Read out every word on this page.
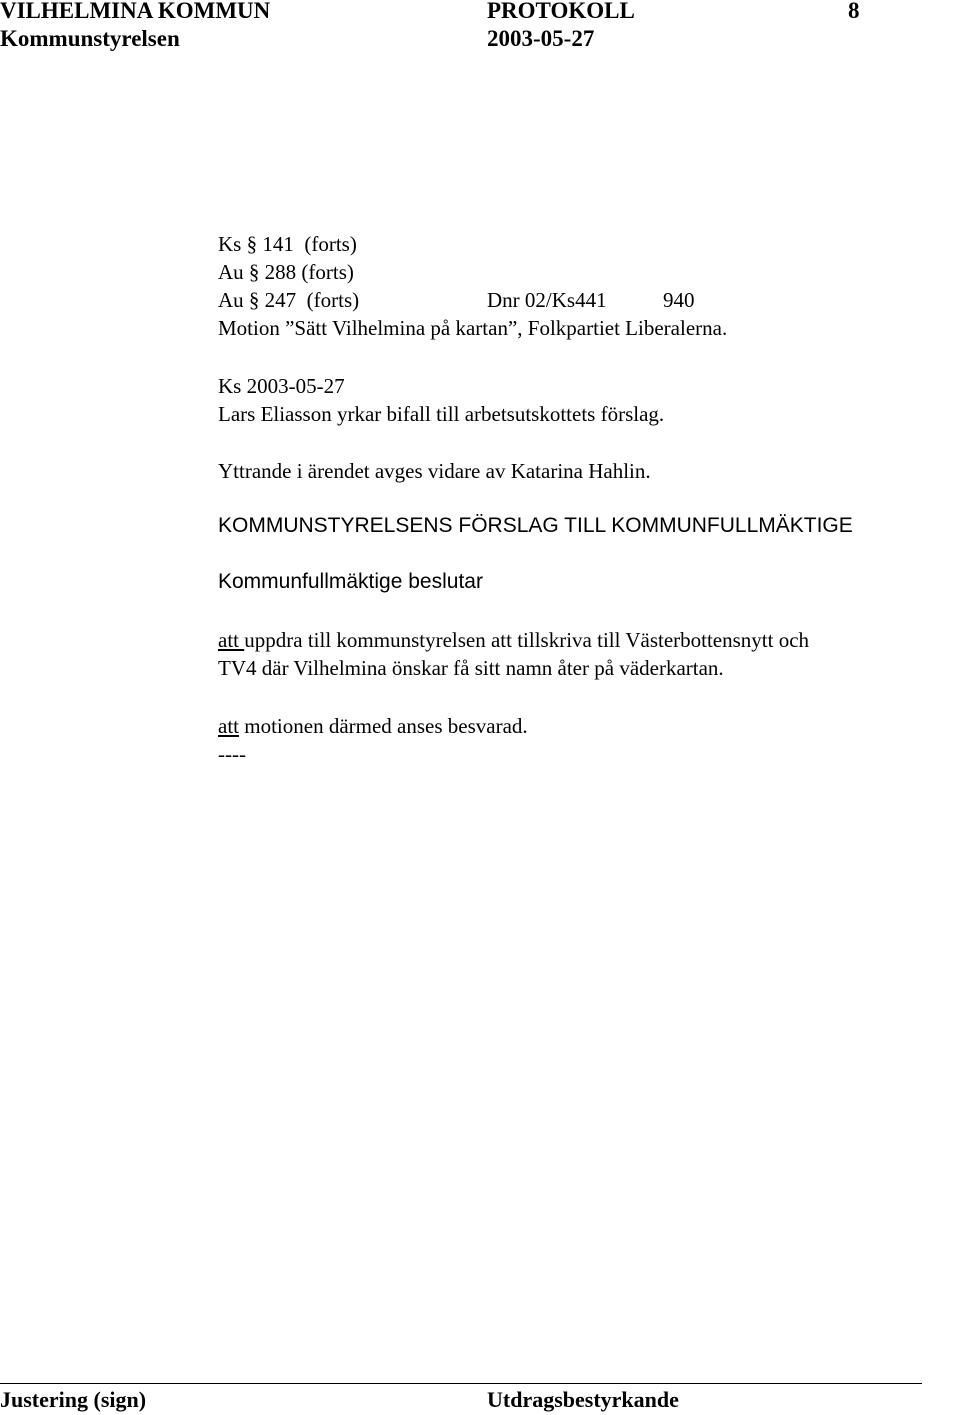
VILHELMINA KOMMUN	PROTOKOLL	8
Kommunstyrelsen	2003-05-27
Ks § 141 (forts)
Au § 288 (forts)
Au § 247 (forts)	Dnr 02/Ks441	940
Motion ”Sätt Vilhelmina på kartan”, Folkpartiet Liberalerna.
Ks 2003-05-27
Lars Eliasson yrkar bifall till arbetsutskottets förslag.
Yttrande i ärendet avges vidare av Katarina Hahlin.
KOMMUNSTYRELSENS FÖRSLAG TILL KOMMUNFULLMÄKTIGE
Kommunfullmäktige beslutar
att uppdra till kommunstyrelsen att tillskriva till Västerbottensnytt och
TV4 där Vilhelmina önskar få sitt namn åter på väderkartan.
att motionen därmed anses besvarad.
----
Justering (sign)	Utdragsbestyrkande
